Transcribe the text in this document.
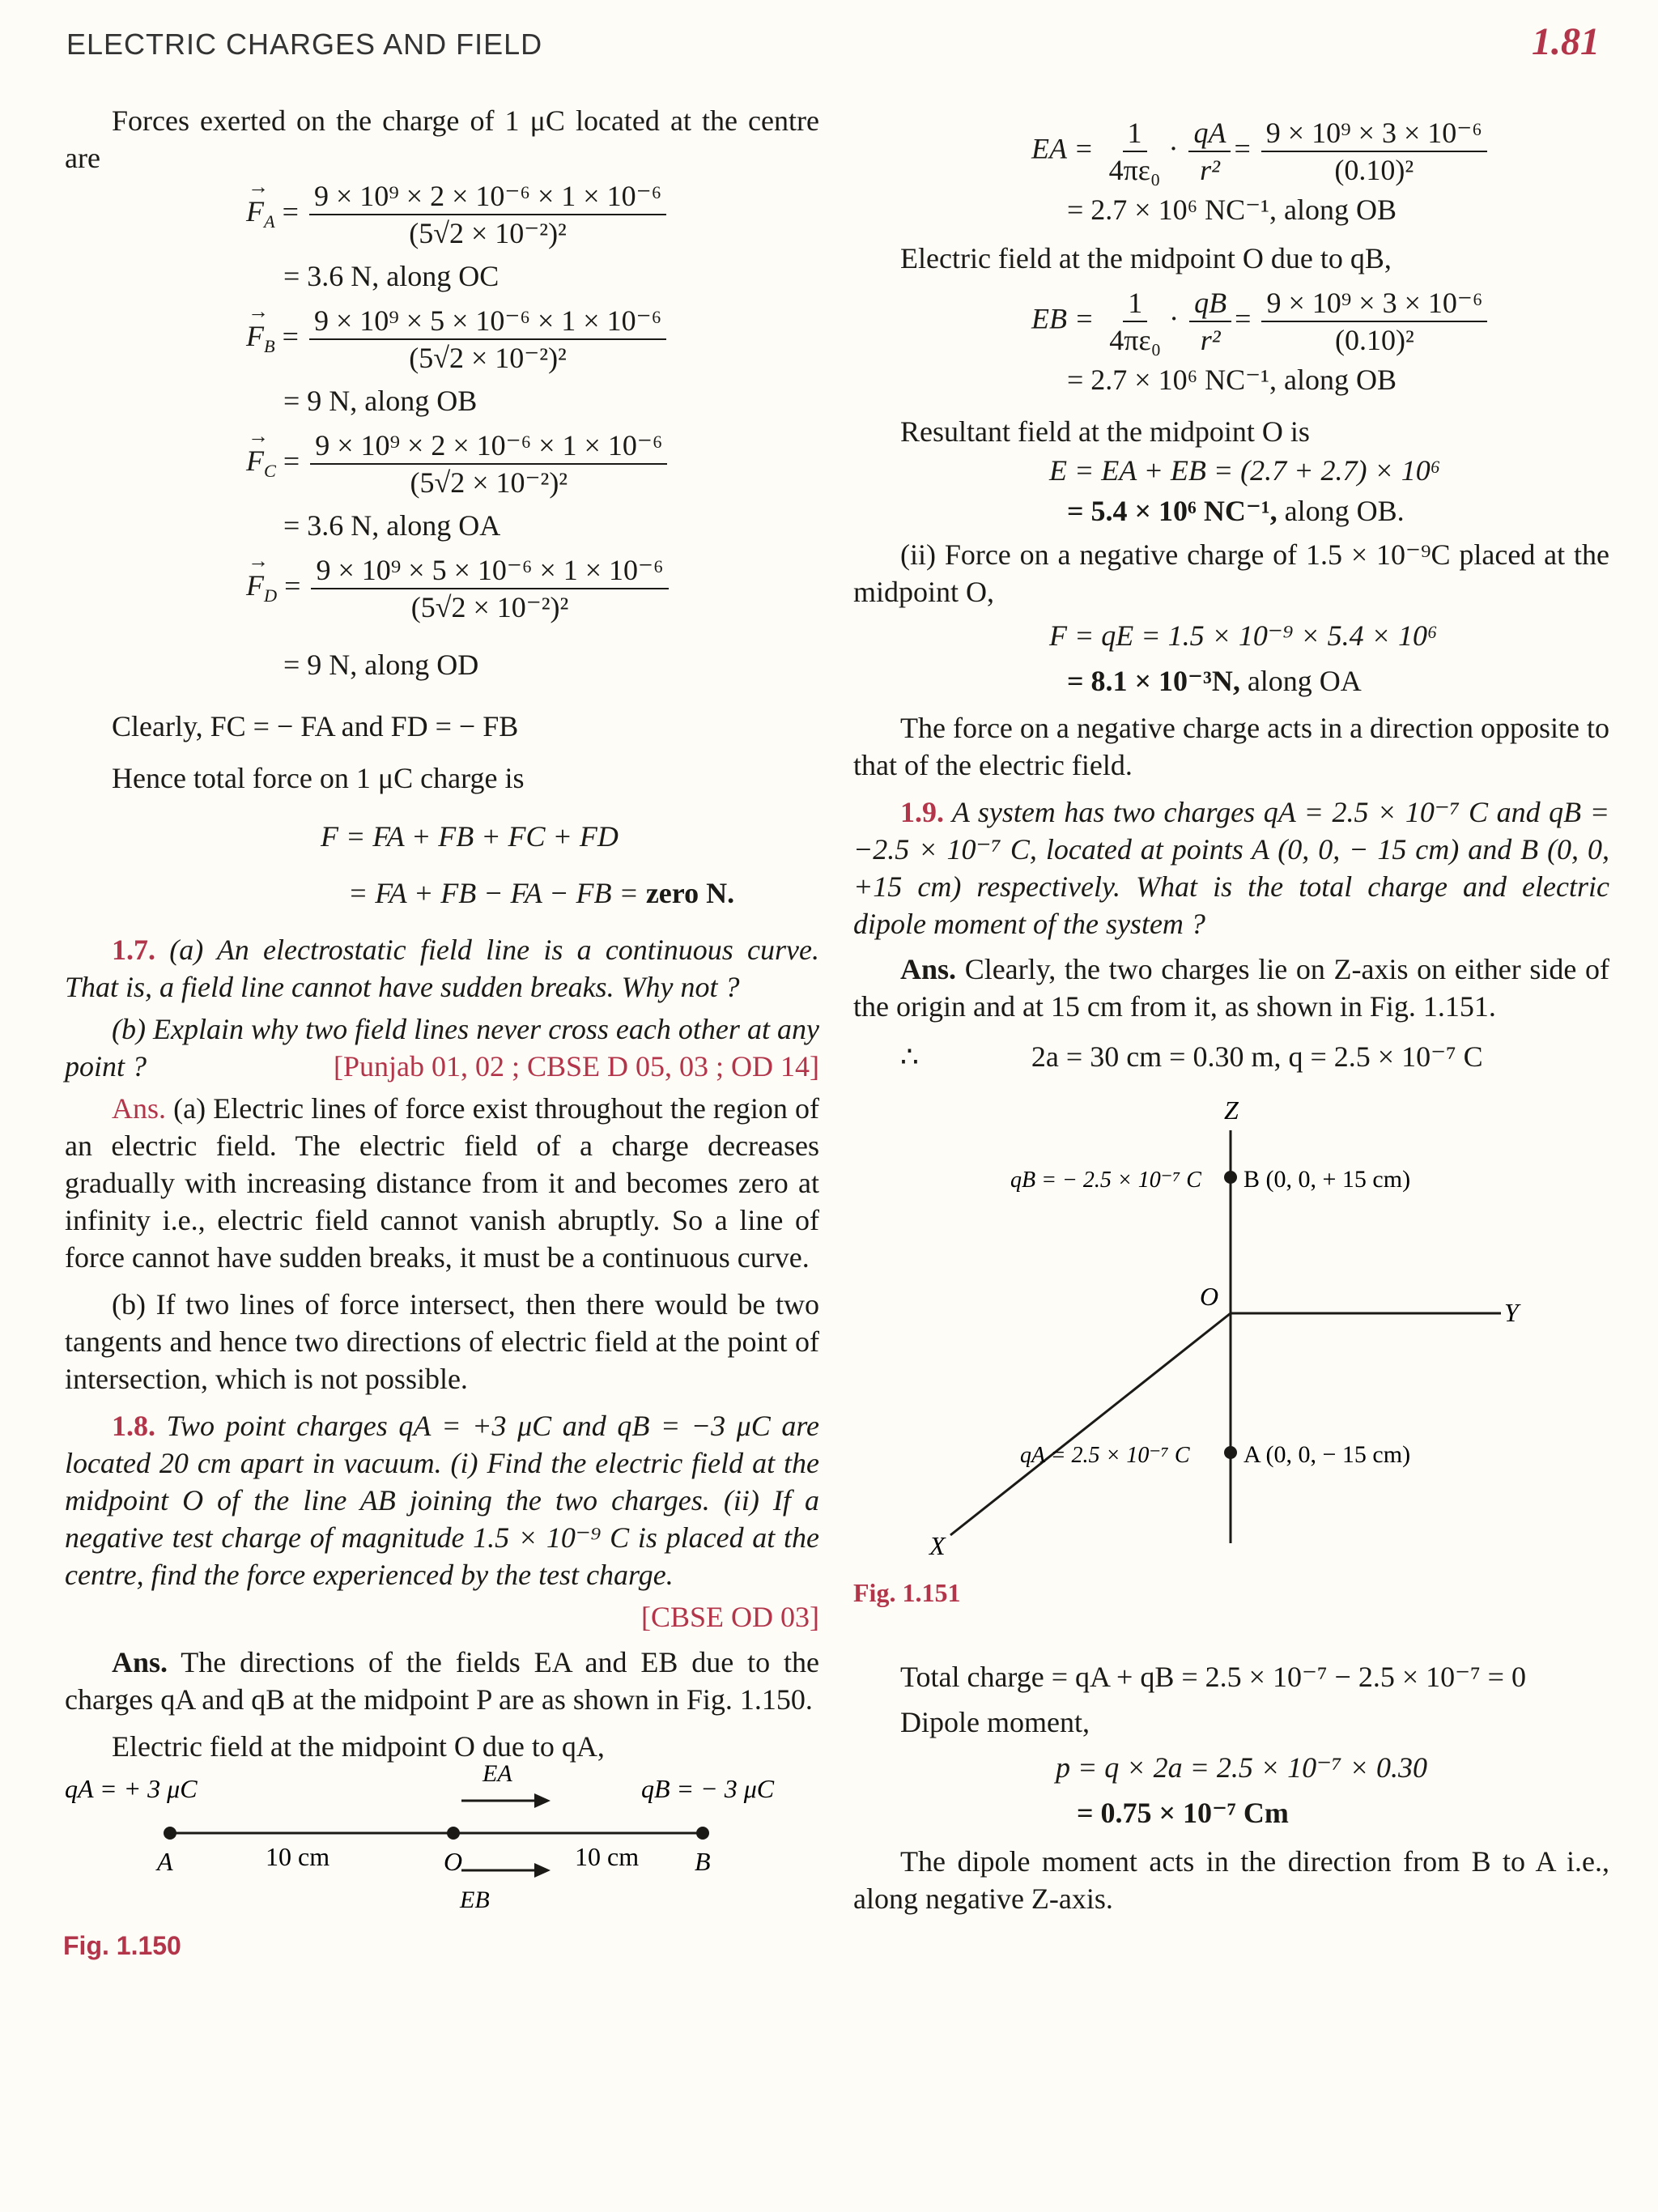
ELECTRIC CHARGES AND FIELD	1.81

Forces exerted on the charge of 1 μC located at the centre are

→ $F_A = \frac{\text{9 × 10⁹ × 2 × 10⁻⁶ × 1 × 10⁻⁶}}{\text{(5√2 × 10⁻²)²}}$

= 3.6 N, along OC

→ $F_B = \frac{\text{9 × 10⁹ × 5 × 10⁻⁶ × 1 × 10⁻⁶}}{\text{(5√2 × 10⁻²)²}}$

= 9 N, along OB

→ $F_C = \frac{\text{9 × 10⁹ × 2 × 10⁻⁶ × 1 × 10⁻⁶}}{\text{(5√2 × 10⁻²)²}}$

= 3.6 N, along OA

→ $F_D = \frac{\text{9 × 10⁹ × 5 × 10⁻⁶ × 1 × 10⁻⁶}}{\text{(5√2 × 10⁻²)²}}$

= 9 N, along OD

Clearly, FC = − FA and FD = − FB

Hence total force on 1 μC charge is

F = FA + FB + FC + FD

= FA + FB − FA − FB = zero N.

1.7. (a) An electrostatic field line is a continuous curve. That is, a field line cannot have sudden breaks. Why not ?

(b) Explain why two field lines never cross each other at any point ?	[Punjab 01, 02 ; CBSE D 05, 03 ; OD 14]

Ans. (a) Electric lines of force exist throughout the region of an electric field. The electric field of a charge decreases gradually with increasing distance from it and becomes zero at infinity i.e., electric field cannot vanish abruptly. So a line of force cannot have sudden breaks, it must be a continuous curve.

(b) If two lines of force intersect, then there would be two tangents and hence two directions of electric field at the point of intersection, which is not possible.

1.8. Two point charges qA = +3 μC and qB = −3 μC are located 20 cm apart in vacuum. (i) Find the electric field at the midpoint O of the line AB joining the two charges. (ii) If a negative test charge of magnitude 1.5 × 10⁻⁹ C is placed at the centre, find the force experienced by the test charge.

[CBSE OD 03]

Ans. The directions of the fields EA and EB due to the charges qA and qB at the midpoint P are as shown in Fig. 1.150.

Electric field at the midpoint O due to qA,

qA = + 3 μC	qB = − 3 μC
EA
A	O	B
10 cm	10 cm
EB

Fig. 1.150

EA = $\frac{1}{\text{4πε₀}} \cdot \frac{qA}{\text{r²}} = \frac{\text{9 × 10⁹ × 3 × 10⁻⁶}}{\text{(0.10)²}}$

= 2.7 × 10⁶ NC⁻¹, along OB

Electric field at the midpoint O due to qB,

EB = $\frac{1}{\text{4πε₀}} \cdot \frac{qB}{\text{r²}} = \frac{\text{9 × 10⁹ × 3 × 10⁻⁶}}{\text{(0.10)²}}$

= 2.7 × 10⁶ NC⁻¹, along OB

Resultant field at the midpoint O is

E = EA + EB = (2.7 + 2.7) × 10⁶

= 5.4 × 10⁶ NC⁻¹, along OB.

(ii) Force on a negative charge of 1.5 × 10⁻⁹C placed at the midpoint O,

F = qE = 1.5 × 10⁻⁹ × 5.4 × 10⁶

= 8.1 × 10⁻³N, along OA

The force on a negative charge acts in a direction opposite to that of the electric field.

1.9. A system has two charges qA = 2.5 × 10⁻⁷ C and qB = −2.5 × 10⁻⁷ C, located at points A (0, 0, − 15 cm) and B (0, 0, +15 cm) respectively. What is the total charge and electric dipole moment of the system ?

Ans. Clearly, the two charges lie on Z-axis on either side of the origin and at 15 cm from it, as shown in Fig. 1.151.

∴	2a = 30 cm = 0.30 m, q = 2.5 × 10⁻⁷ C

Z
Y
X
O
qB = − 2.5 × 10⁻⁷ C B (0, 0, + 15 cm)
qA = 2.5 × 10⁻⁷ C A (0, 0, − 15 cm)
Fig. 1.151

Total charge = qA + qB = 2.5 × 10⁻⁷ − 2.5 × 10⁻⁷ = 0

Dipole moment,

p = q × 2a = 2.5 × 10⁻⁷ × 0.30

= 0.75 × 10⁻⁷ Cm

The dipole moment acts in the direction from B to A i.e., along negative Z-axis.
